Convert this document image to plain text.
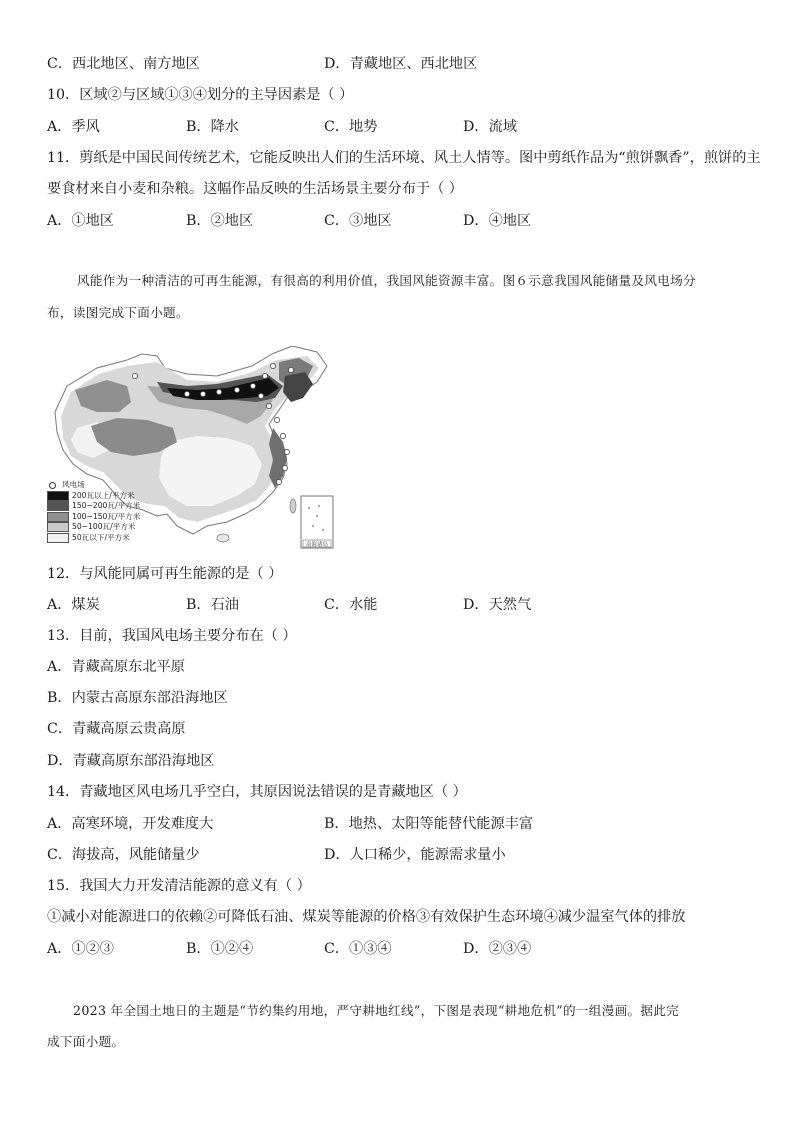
C．西北地区、南方地区	D．青藏地区、西北地区
10．区域②与区域①③④划分的主导因素是（ ）
A．季风	B．降水	C．地势	D．流域
11．剪纸是中国民间传统艺术，它能反映出人们的生活环境、风土人情等。图中剪纸作品为“煎饼飘香”，煎饼的主
要食材来自小麦和杂粮。这幅作品反映的生活场景主要分布于（ ）
A．①地区	B．②地区	C．③地区	D．④地区
风能作为一种清洁的可再生能源，有很高的利用价值，我国风能资源丰富。图６示意我国风能储量及风电场分
布，读图完成下面小题。
南海诸岛
风电场
200瓦以上/平方米
150~200瓦/平方米
100~150瓦/平方米
50~100瓦/平方米
50瓦以下/平方米
12．与风能同属可再生能源的是（ ）
A．煤炭	B．石油	C．水能	D．天然气
13．目前，我国风电场主要分布在（ ）
A．青藏高原东北平原
B．内蒙古高原东部沿海地区
C．青藏高原云贵高原
D．青藏高原东部沿海地区
14．青藏地区风电场几乎空白，其原因说法错误的是青藏地区（ ）
A．高寒环境，开发难度大	B．地热、太阳等能替代能源丰富
C．海拔高，风能储量少	D．人口稀少，能源需求量小
15．我国大力开发清洁能源的意义有（ ）
①减小对能源进口的依赖②可降低石油、煤炭等能源的价格③有效保护生态环境④减少温室气体的排放
A．①②③	B．①②④	C．①③④	D．②③④
2023 年全国土地日的主题是“节约集约用地，严守耕地红线”，下图是表现“耕地危机”的一组漫画。据此完
成下面小题。
